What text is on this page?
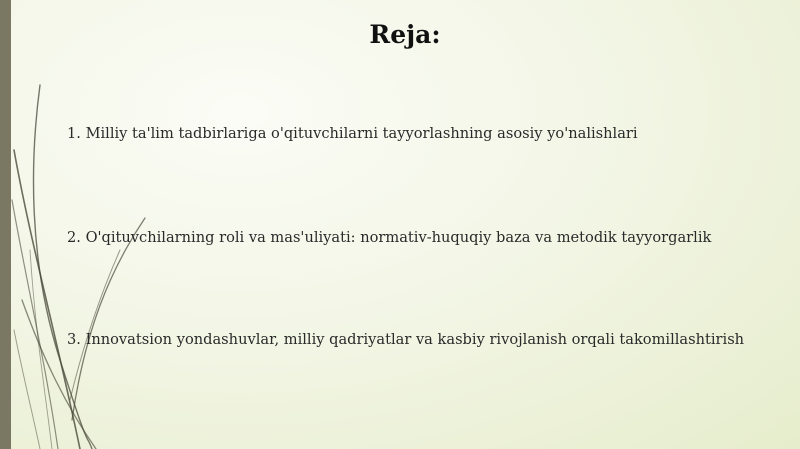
Reja:
1. Milliy ta'lim tadbirlariga o'qituvchilarni tayyorlashning asosiy yo'nalishlari
2. O'qituvchilarning roli va mas'uliyati: normativ-huquqiy baza va metodik tayyorgarlik
3. Innovatsion yondashuvlar, milliy qadriyatlar va kasbiy rivojlanish orqali takomillashtirish
